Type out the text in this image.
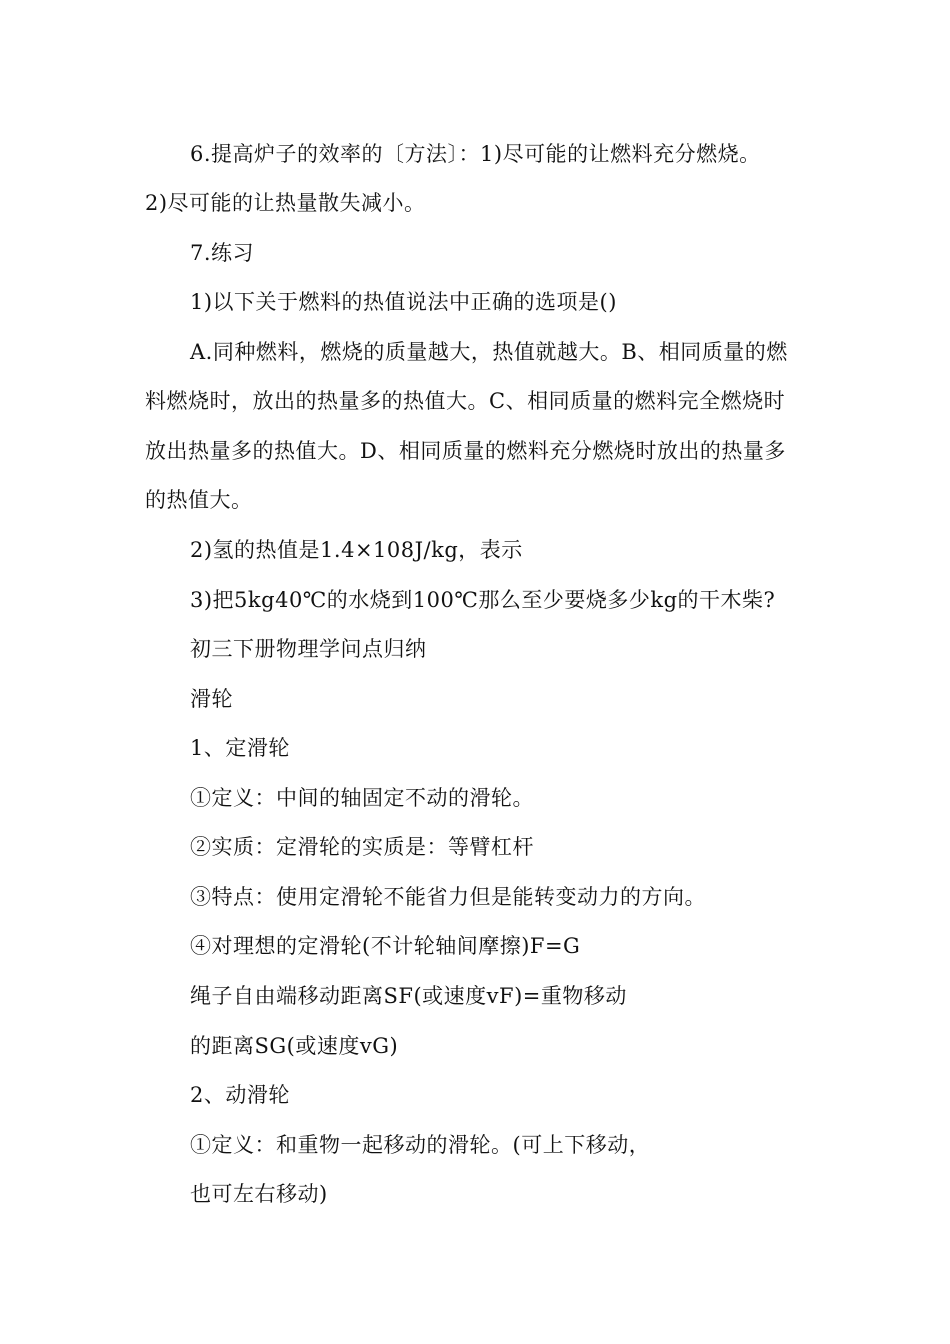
6.提高炉子的效率的〔方法〕：1)尽可能的让燃料充分燃烧。
2)尽可能的让热量散失减小。
7.练习
1)以下关于燃料的热值说法中正确的选项是()
A.同种燃料，燃烧的质量越大，热值就越大。B、相同质量的燃
料燃烧时，放出的热量多的热值大。C、相同质量的燃料完全燃烧时
放出热量多的热值大。D、相同质量的燃料充分燃烧时放出的热量多
的热值大。
2)氢的热值是1.4×108J/kg，表示
3)把5kg40℃的水烧到100℃那么至少要烧多少kg的干木柴?
初三下册物理学问点归纳
滑轮
1、定滑轮
①定义：中间的轴固定不动的滑轮。
②实质：定滑轮的实质是：等臂杠杆
③特点：使用定滑轮不能省力但是能转变动力的方向。
④对理想的定滑轮(不计轮轴间摩擦)F=G
绳子自由端移动距离SF(或速度vF)=重物移动
的距离SG(或速度vG)
2、动滑轮
①定义：和重物一起移动的滑轮。(可上下移动，
也可左右移动)
